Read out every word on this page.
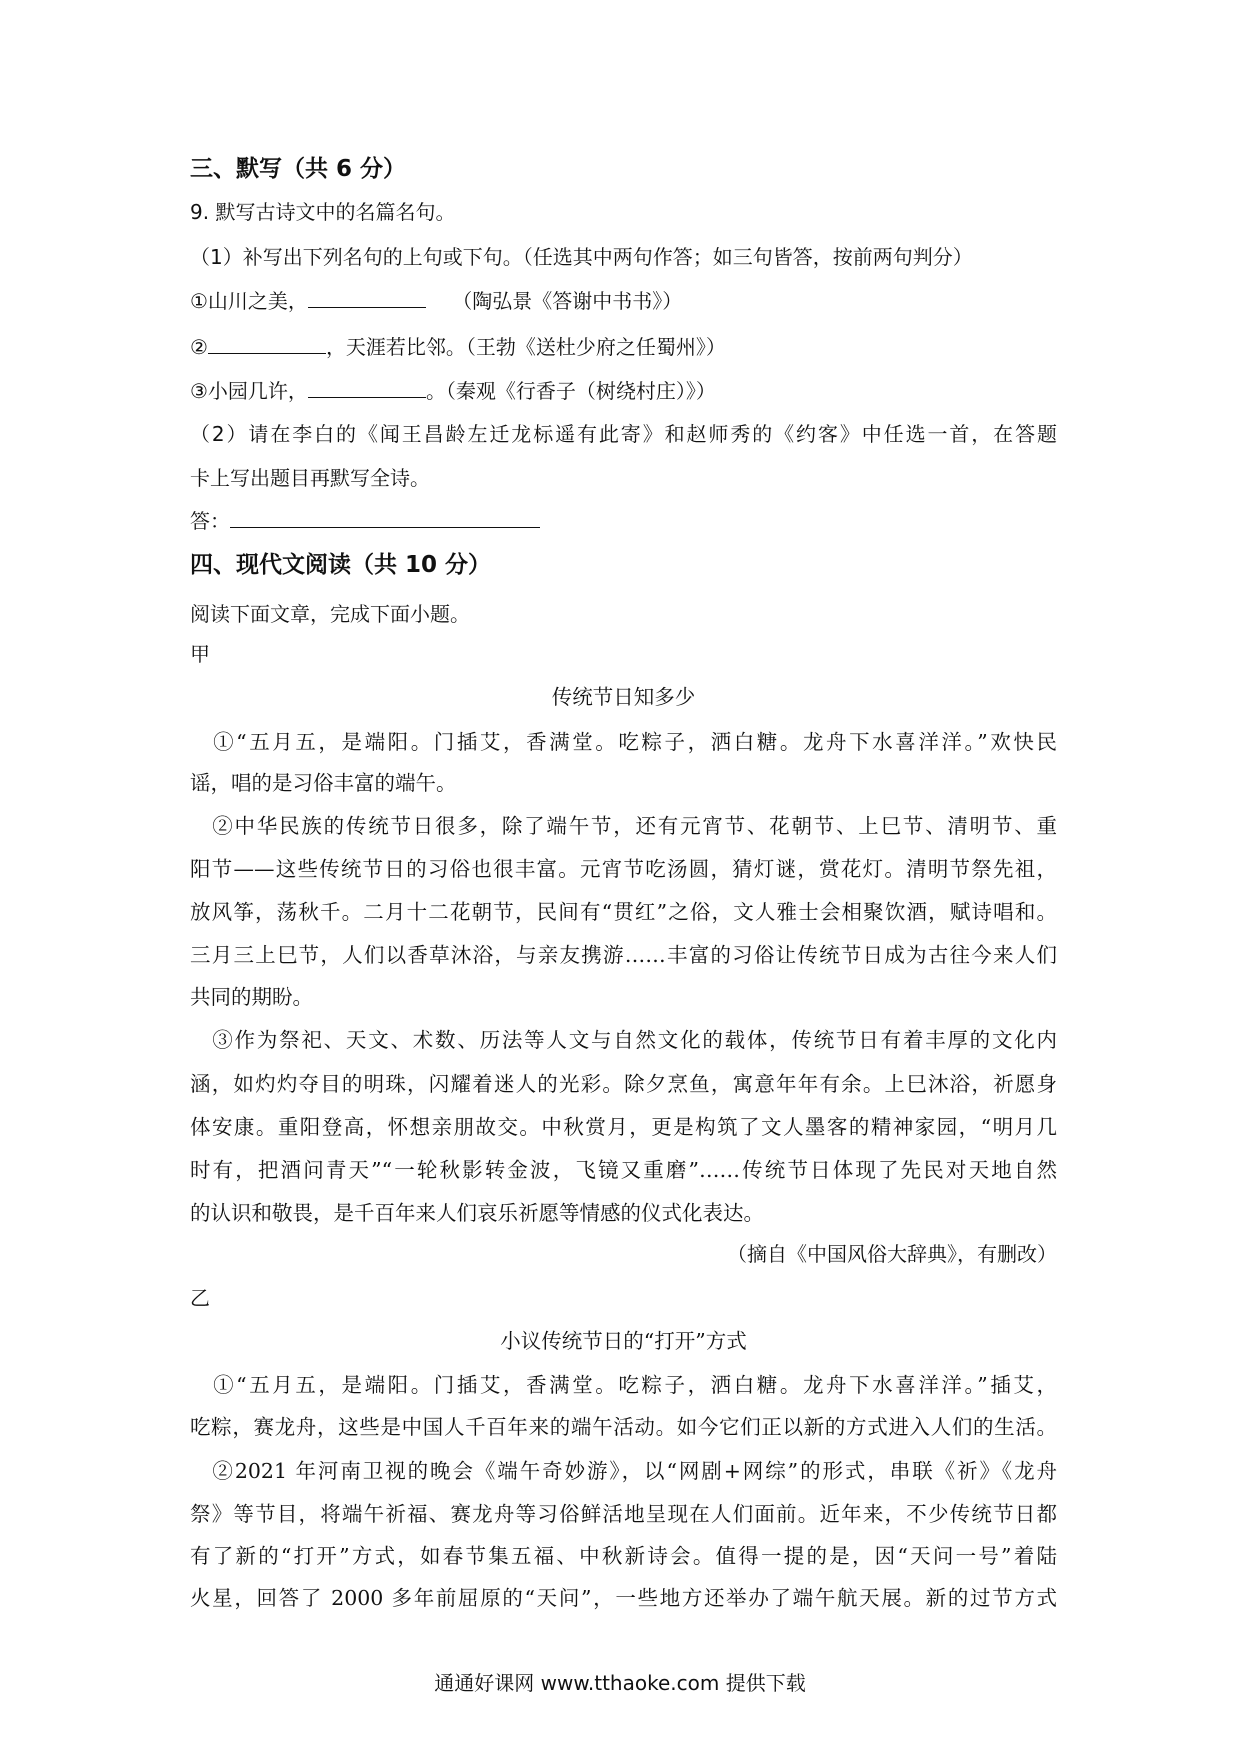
三、默写（共 6 分）
9. 默写古诗文中的名篇名句。
（1）补写出下列名句的上句或下句。（任选其中两句作答；如三句皆答，按前两句判分）
①山川之美，	　 （陶弘景《答谢中书书》）
②	，天涯若比邻。（王勃《送杜少府之任蜀州》）
③小园几许，	。（秦观《行香子（树绕村庄）》）
（2）请在李白的《闻王昌龄左迁龙标遥有此寄》和赵师秀的《约客》中任选一首，在答题
卡上写出题目再默写全诗。
答：
四、现代文阅读（共 10 分）
阅读下面文章，完成下面小题。
甲
传统节日知多少
　①“五月五，是端阳。门插艾，香满堂。吃粽子，洒白糖。龙舟下水喜洋洋。”欢快民
谣，唱的是习俗丰富的端午。
　②中华民族的传统节日很多，除了端午节，还有元宵节、花朝节、上巳节、清明节、重
阳节——这些传统节日的习俗也很丰富。元宵节吃汤圆，猜灯谜，赏花灯。清明节祭先祖，
放风筝，荡秋千。二月十二花朝节，民间有“贯红”之俗，文人雅士会相聚饮酒，赋诗唱和。
三月三上巳节，人们以香草沐浴，与亲友携游……丰富的习俗让传统节日成为古往今来人们
共同的期盼。
　③作为祭祀、天文、术数、历法等人文与自然文化的载体，传统节日有着丰厚的文化内
涵，如灼灼夺目的明珠，闪耀着迷人的光彩。除夕烹鱼，寓意年年有余。上巳沐浴，祈愿身
体安康。重阳登高，怀想亲朋故交。中秋赏月，更是构筑了文人墨客的精神家园，“明月几
时有，把酒问青天”“一轮秋影转金波，飞镜又重磨”……传统节日体现了先民对天地自然
的认识和敬畏，是千百年来人们哀乐祈愿等情感的仪式化表达。
（摘自《中国风俗大辞典》，有删改）
乙
小议传统节日的“打开”方式
　①“五月五，是端阳。门插艾，香满堂。吃粽子，洒白糖。龙舟下水喜洋洋。”插艾，
吃粽，赛龙舟，这些是中国人千百年来的端午活动。如今它们正以新的方式进入人们的生活。
　②2021 年河南卫视的晚会《端午奇妙游》，以“网剧+网综”的形式，串联《祈》《龙舟
祭》等节目，将端午祈福、赛龙舟等习俗鲜活地呈现在人们面前。近年来，不少传统节日都
有了新的“打开”方式，如春节集五福、中秋新诗会。值得一提的是，因“天问一号”着陆
火星，回答了 2000 多年前屈原的“天问”，一些地方还举办了端午航天展。新的过节方式
通通好课网 www.tthaoke.com 提供下载
